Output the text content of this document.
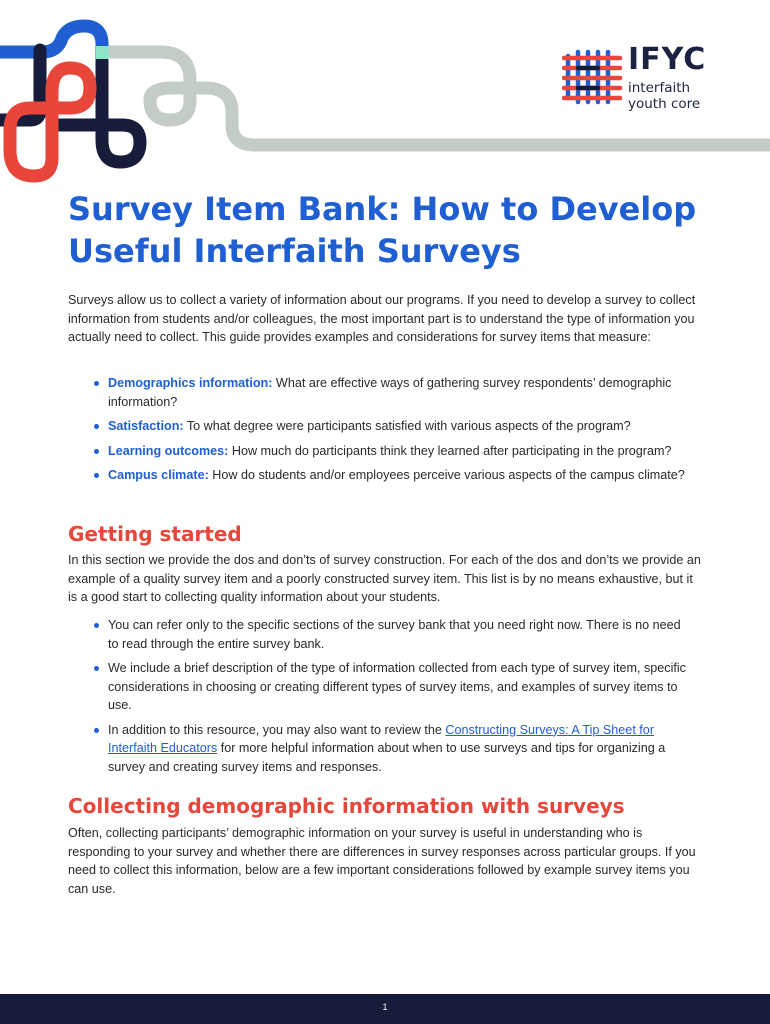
IFYC
interfaith
youth core
Survey Item Bank: How to Develop Useful Interfaith Surveys

Surveys allow us to collect a variety of information about our programs. If you need to develop a survey to collect information from students and/or colleagues, the most important part is to understand the type of information you actually need to collect. This guide provides examples and considerations for survey items that measure:

Demographics information: What are effective ways of gathering survey respondents’ demographic information?
Satisfaction: To what degree were participants satisfied with various aspects of the program?
Learning outcomes: How much do participants think they learned after participating in the program?
Campus climate: How do students and/or employees perceive various aspects of the campus climate?
Getting started

In this section we provide the dos and don’ts of survey construction. For each of the dos and don’ts we provide an example of a quality survey item and a poorly constructed survey item. This list is by no means exhaustive, but it is a good start to collecting quality information about your students.

You can refer only to the specific sections of the survey bank that you need right now. There is no need to read through the entire survey bank.
We include a brief description of the type of information collected from each type of survey item, specific considerations in choosing or creating different types of survey items, and examples of survey items to use.
In addition to this resource, you may also want to review the Constructing Surveys: A Tip Sheet for Interfaith Educators for more helpful information about when to use surveys and tips for organizing a survey and creating survey items and responses.
Collecting demographic information with surveys

Often, collecting participants’ demographic information on your survey is useful in understanding who is responding to your survey and whether there are differences in survey responses across particular groups. If you need to collect this information, below are a few important considerations followed by example survey items you can use.

1
